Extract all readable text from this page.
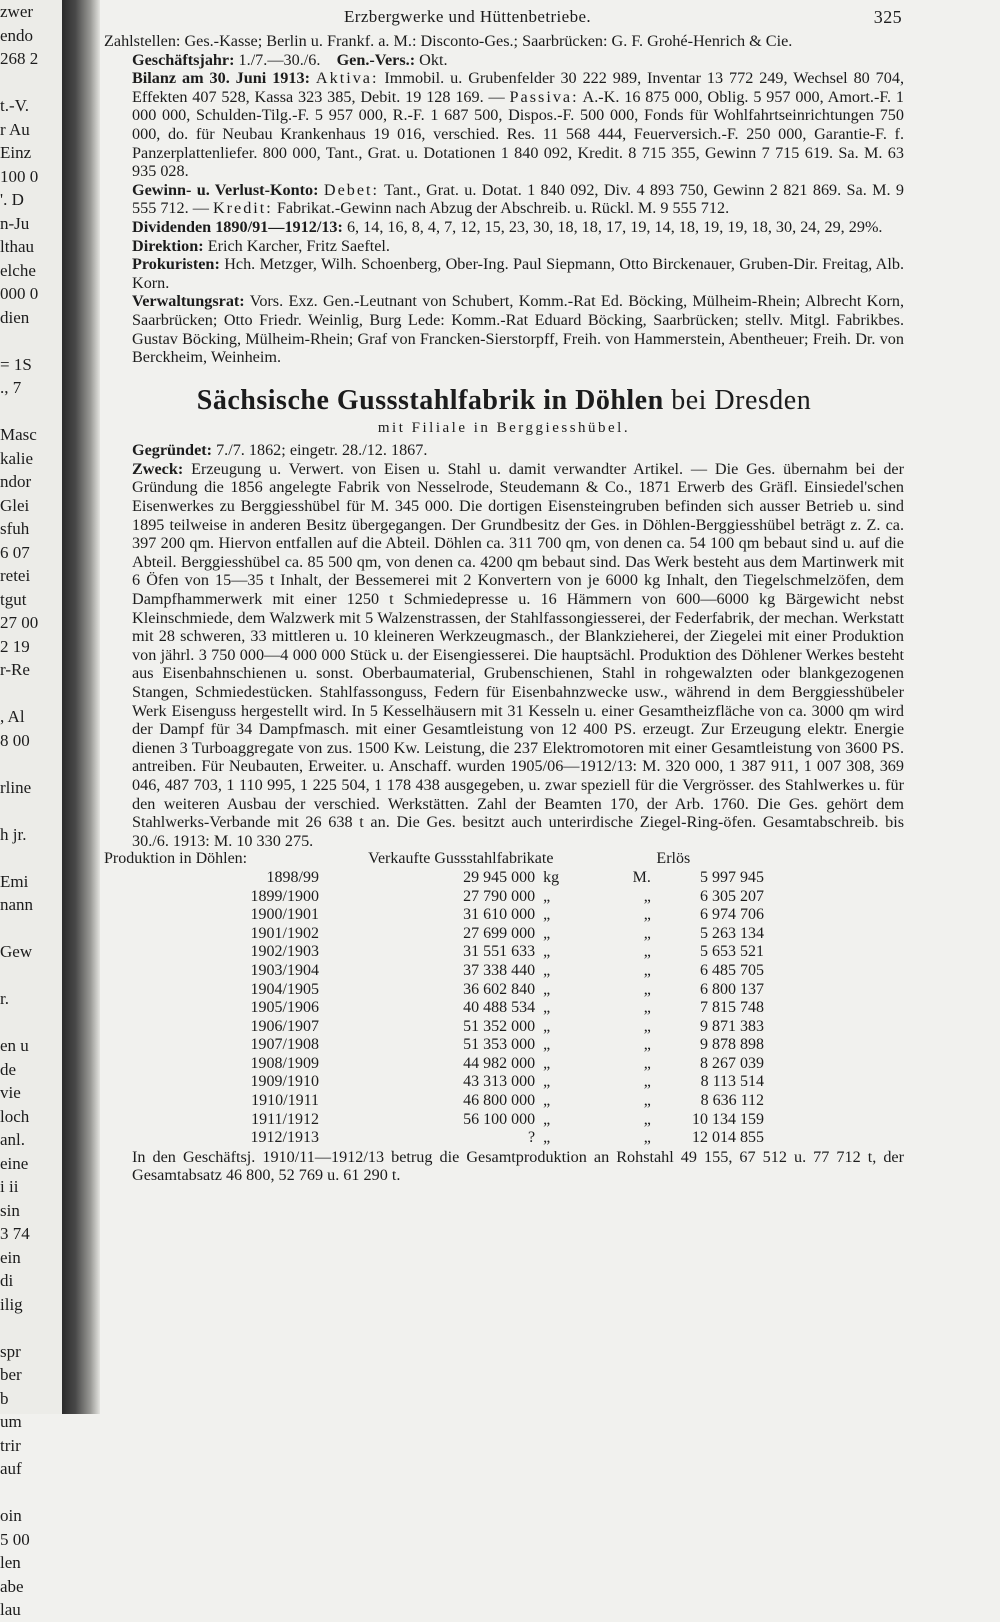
zwer
endo
268 2
t.-V.
r Au
Einz
100 0
'. D
n-Ju
lthau
elche
000 0
dien
= 1S
., 7
Masc
kalie
ndor
Glei
sfuh
6 07
retei
tgut
27 00
2 19
r-Re
, Al
8 00
rline
h jr.
Emi
nann
Gew
r.
en u
de
vie
loch
anl.
eine
i ii
sin
3 74
ein
di
ilig
spr
ber
b
um
trir
auf
oin
5 00
len
abe
lau
Erzbergwerke und Hüttenbetriebe.	325

Zahlstellen: Ges.-Kasse; Berlin u. Frankf. a. M.: Disconto-Ges.; Saarbrücken: G. F. Grohé-Henrich & Cie.

Geschäftsjahr: 1./7.—30./6. Gen.-Vers.: Okt.

Bilanz am 30. Juni 1913: Aktiva: Immobil. u. Grubenfelder 30 222 989, Inventar 13 772 249, Wechsel 80 704, Effekten 407 528, Kassa 323 385, Debit. 19 128 169. — Passiva: A.-K. 16 875 000, Oblig. 5 957 000, Amort.-F. 1 000 000, Schulden-Tilg.-F. 5 957 000, R.-F. 1 687 500, Dispos.-F. 500 000, Fonds für Wohlfahrtseinrichtungen 750 000, do. für Neubau Krankenhaus 19 016, verschied. Res. 11 568 444, Feuerversich.-F. 250 000, Garantie-F. f. Panzerplattenliefer. 800 000, Tant., Grat. u. Dotationen 1 840 092, Kredit. 8 715 355, Gewinn 7 715 619. Sa. M. 63 935 028.

Gewinn- u. Verlust-Konto: Debet: Tant., Grat. u. Dotat. 1 840 092, Div. 4 893 750, Gewinn 2 821 869. Sa. M. 9 555 712. — Kredit: Fabrikat.-Gewinn nach Abzug der Abschreib. u. Rückl. M. 9 555 712.

Dividenden 1890/91—1912/13: 6, 14, 16, 8, 4, 7, 12, 15, 23, 30, 18, 18, 17, 19, 14, 18, 19, 19, 18, 30, 24, 29, 29%.

Direktion: Erich Karcher, Fritz Saeftel.

Prokuristen: Hch. Metzger, Wilh. Schoenberg, Ober-Ing. Paul Siepmann, Otto Birckenauer, Gruben-Dir. Freitag, Alb. Korn.

Verwaltungsrat: Vors. Exz. Gen.-Leutnant von Schubert, Komm.-Rat Ed. Böcking, Mülheim-Rhein; Albrecht Korn, Saarbrücken; Otto Friedr. Weinlig, Burg Lede: Komm.-Rat Eduard Böcking, Saarbrücken; stellv. Mitgl. Fabrikbes. Gustav Böcking, Mülheim-Rhein; Graf von Francken-Sierstorpff, Freih. von Hammerstein, Abentheuer; Freih. Dr. von Berckheim, Weinheim.

Sächsische Gussstahlfabrik in Döhlen bei Dresden
mit Filiale in Berggiesshübel.

Gegründet: 7./7. 1862; eingetr. 28./12. 1867.

Zweck: Erzeugung u. Verwert. von Eisen u. Stahl u. damit verwandter Artikel. — Die Ges. übernahm bei der Gründung die 1856 angelegte Fabrik von Nesselrode, Steudemann & Co., 1871 Erwerb des Gräfl. Einsiedel'schen Eisenwerkes zu Berggiesshübel für M. 345 000. Die dortigen Eisensteingruben befinden sich ausser Betrieb u. sind 1895 teilweise in anderen Besitz übergegangen. Der Grundbesitz der Ges. in Döhlen-Berggiesshübel beträgt z. Z. ca. 397 200 qm. Hiervon entfallen auf die Abteil. Döhlen ca. 311 700 qm, von denen ca. 54 100 qm bebaut sind u. auf die Abteil. Berggiesshübel ca. 85 500 qm, von denen ca. 4200 qm bebaut sind. Das Werk besteht aus dem Martinwerk mit 6 Öfen von 15—35 t Inhalt, der Bessemerei mit 2 Konvertern von je 6000 kg Inhalt, den Tiegelschmelzöfen, dem Dampfhammerwerk mit einer 1250 t Schmiedepresse u. 16 Hämmern von 600—6000 kg Bärgewicht nebst Kleinschmiede, dem Walzwerk mit 5 Walzenstrassen, der Stahlfassongiesserei, der Federfabrik, der mechan. Werkstatt mit 28 schweren, 33 mittleren u. 10 kleineren Werkzeugmasch., der Blankzieherei, der Ziegelei mit einer Produktion von jährl. 3 750 000—4 000 000 Stück u. der Eisengiesserei. Die hauptsächl. Produktion des Döhlener Werkes besteht aus Eisenbahnschienen u. sonst. Oberbaumaterial, Grubenschienen, Stahl in rohgewalzten oder blankgezogenen Stangen, Schmiedestücken. Stahlfassonguss, Federn für Eisenbahnzwecke usw., während in dem Berggiesshübeler Werk Eisenguss hergestellt wird. In 5 Kesselhäusern mit 31 Kesseln u. einer Gesamtheizfläche von ca. 3000 qm wird der Dampf für 34 Dampfmasch. mit einer Gesamtleistung von 12 400 PS. erzeugt. Zur Erzeugung elektr. Energie dienen 3 Turboaggregate von zus. 1500 Kw. Leistung, die 237 Elektromotoren mit einer Gesamtleistung von 3600 PS. antreiben. Für Neubauten, Erweiter. u. Anschaff. wurden 1905/06—1912/13: M. 320 000, 1 387 911, 1 007 308, 369 046, 487 703, 1 110 995, 1 225 504, 1 178 438 ausgegeben, u. zwar speziell für die Vergrösser. des Stahlwerkes u. für den weiteren Ausbau der verschied. Werkstätten. Zahl der Beamten 170, der Arb. 1760. Die Ges. gehört dem Stahlwerks-Verbande mit 26 638 t an. Die Ges. besitzt auch unterirdische Ziegel-Ring-öfen. Gesamtabschreib. bis 30./6. 1913: M. 10 330 275.

Produktion in Döhlen:	Verkaufte Gussstahlfabrikate		Erlös	
1898/99	29 945 000	kg	M.	5 997 945
1899/1900	27 790 000	„	„	6 305 207
1900/1901	31 610 000	„	„	6 974 706
1901/1902	27 699 000	„	„	5 263 134
1902/1903	31 551 633	„	„	5 653 521
1903/1904	37 338 440	„	„	6 485 705
1904/1905	36 602 840	„	„	6 800 137
1905/1906	40 488 534	„	„	7 815 748
1906/1907	51 352 000	„	„	9 871 383
1907/1908	51 353 000	„	„	9 878 898
1908/1909	44 982 000	„	„	8 267 039
1909/1910	43 313 000	„	„	8 113 514
1910/1911	46 800 000	„	„	8 636 112
1911/1912	56 100 000	„	„	10 134 159
1912/1913	?	„	„	12 014 855

In den Geschäftsj. 1910/11—1912/13 betrug die Gesamtproduktion an Rohstahl 49 155, 67 512 u. 77 712 t, der Gesamtabsatz 46 800, 52 769 u. 61 290 t.
